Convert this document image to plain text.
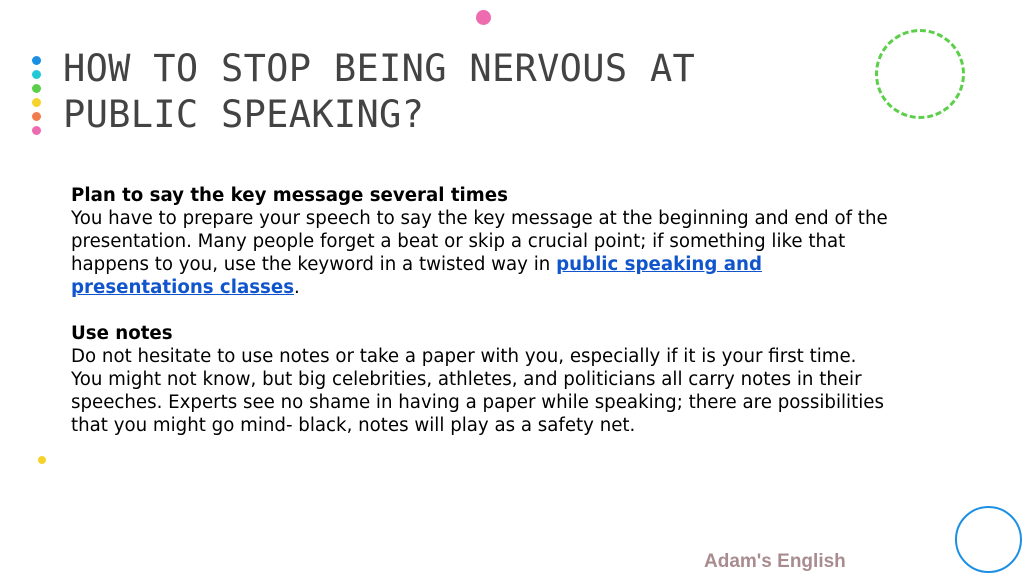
HOW TO STOP BEING NERVOUS AT
PUBLIC SPEAKING?

Plan to say the key message several times

You have to prepare your speech to say the key message at the beginning and end of the presentation. Many people forget a beat or skip a crucial point; if something like that happens to you, use the keyword in a twisted way in public speaking and presentations classes.

Use notes

Do not hesitate to use notes or take a paper with you, especially if it is your first time. You might not know, but big celebrities, athletes, and politicians all carry notes in their speeches. Experts see no shame in having a paper while speaking; there are possibilities that you might go mind- black, notes will play as a safety net.

Adam's English
